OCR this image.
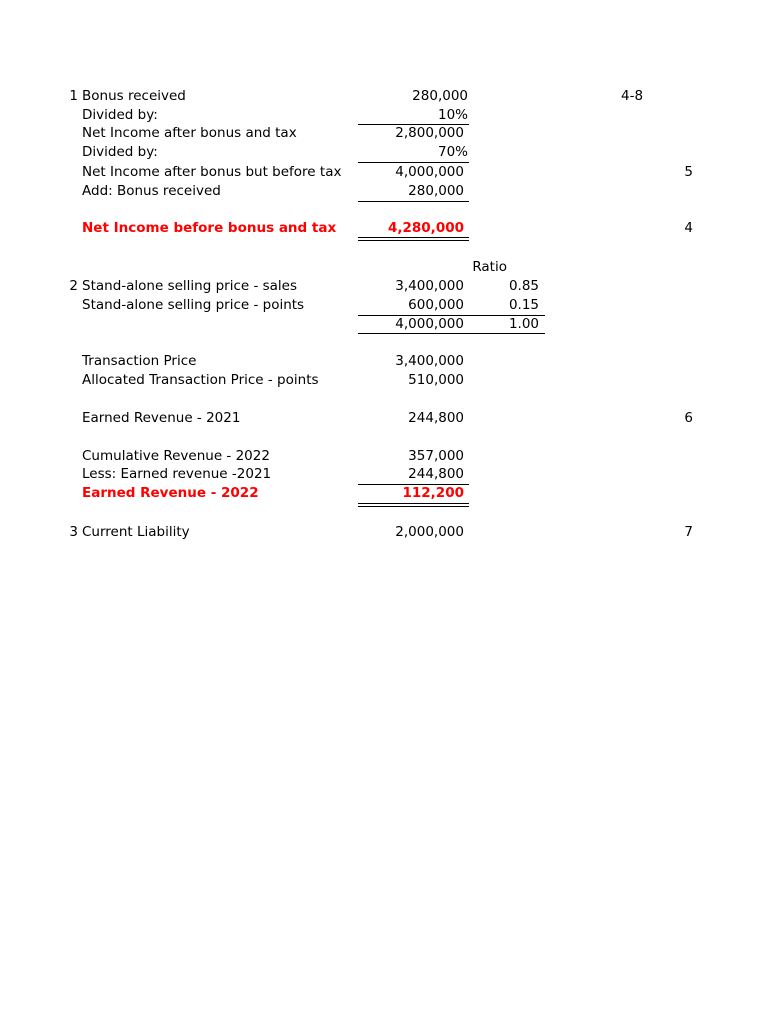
1 Bonus received	280,000	4-8
Divided by:	10%
Net Income after bonus and tax	2,800,000
Divided by:	70%
Net Income after bonus but before tax	4,000,000	5
Add: Bonus received	280,000
Net Income before bonus and tax	4,280,000	4
Ratio
2 Stand-alone selling price - sales	3,400,000	0.85
Stand-alone selling price - points	600,000	0.15
4,000,000	1.00
Transaction Price	3,400,000
Allocated Transaction Price - points	510,000
Earned Revenue - 2021	244,800	6
Cumulative Revenue - 2022	357,000
Less: Earned revenue -2021	244,800
Earned Revenue - 2022	112,200
3 Current Liability	2,000,000	7
